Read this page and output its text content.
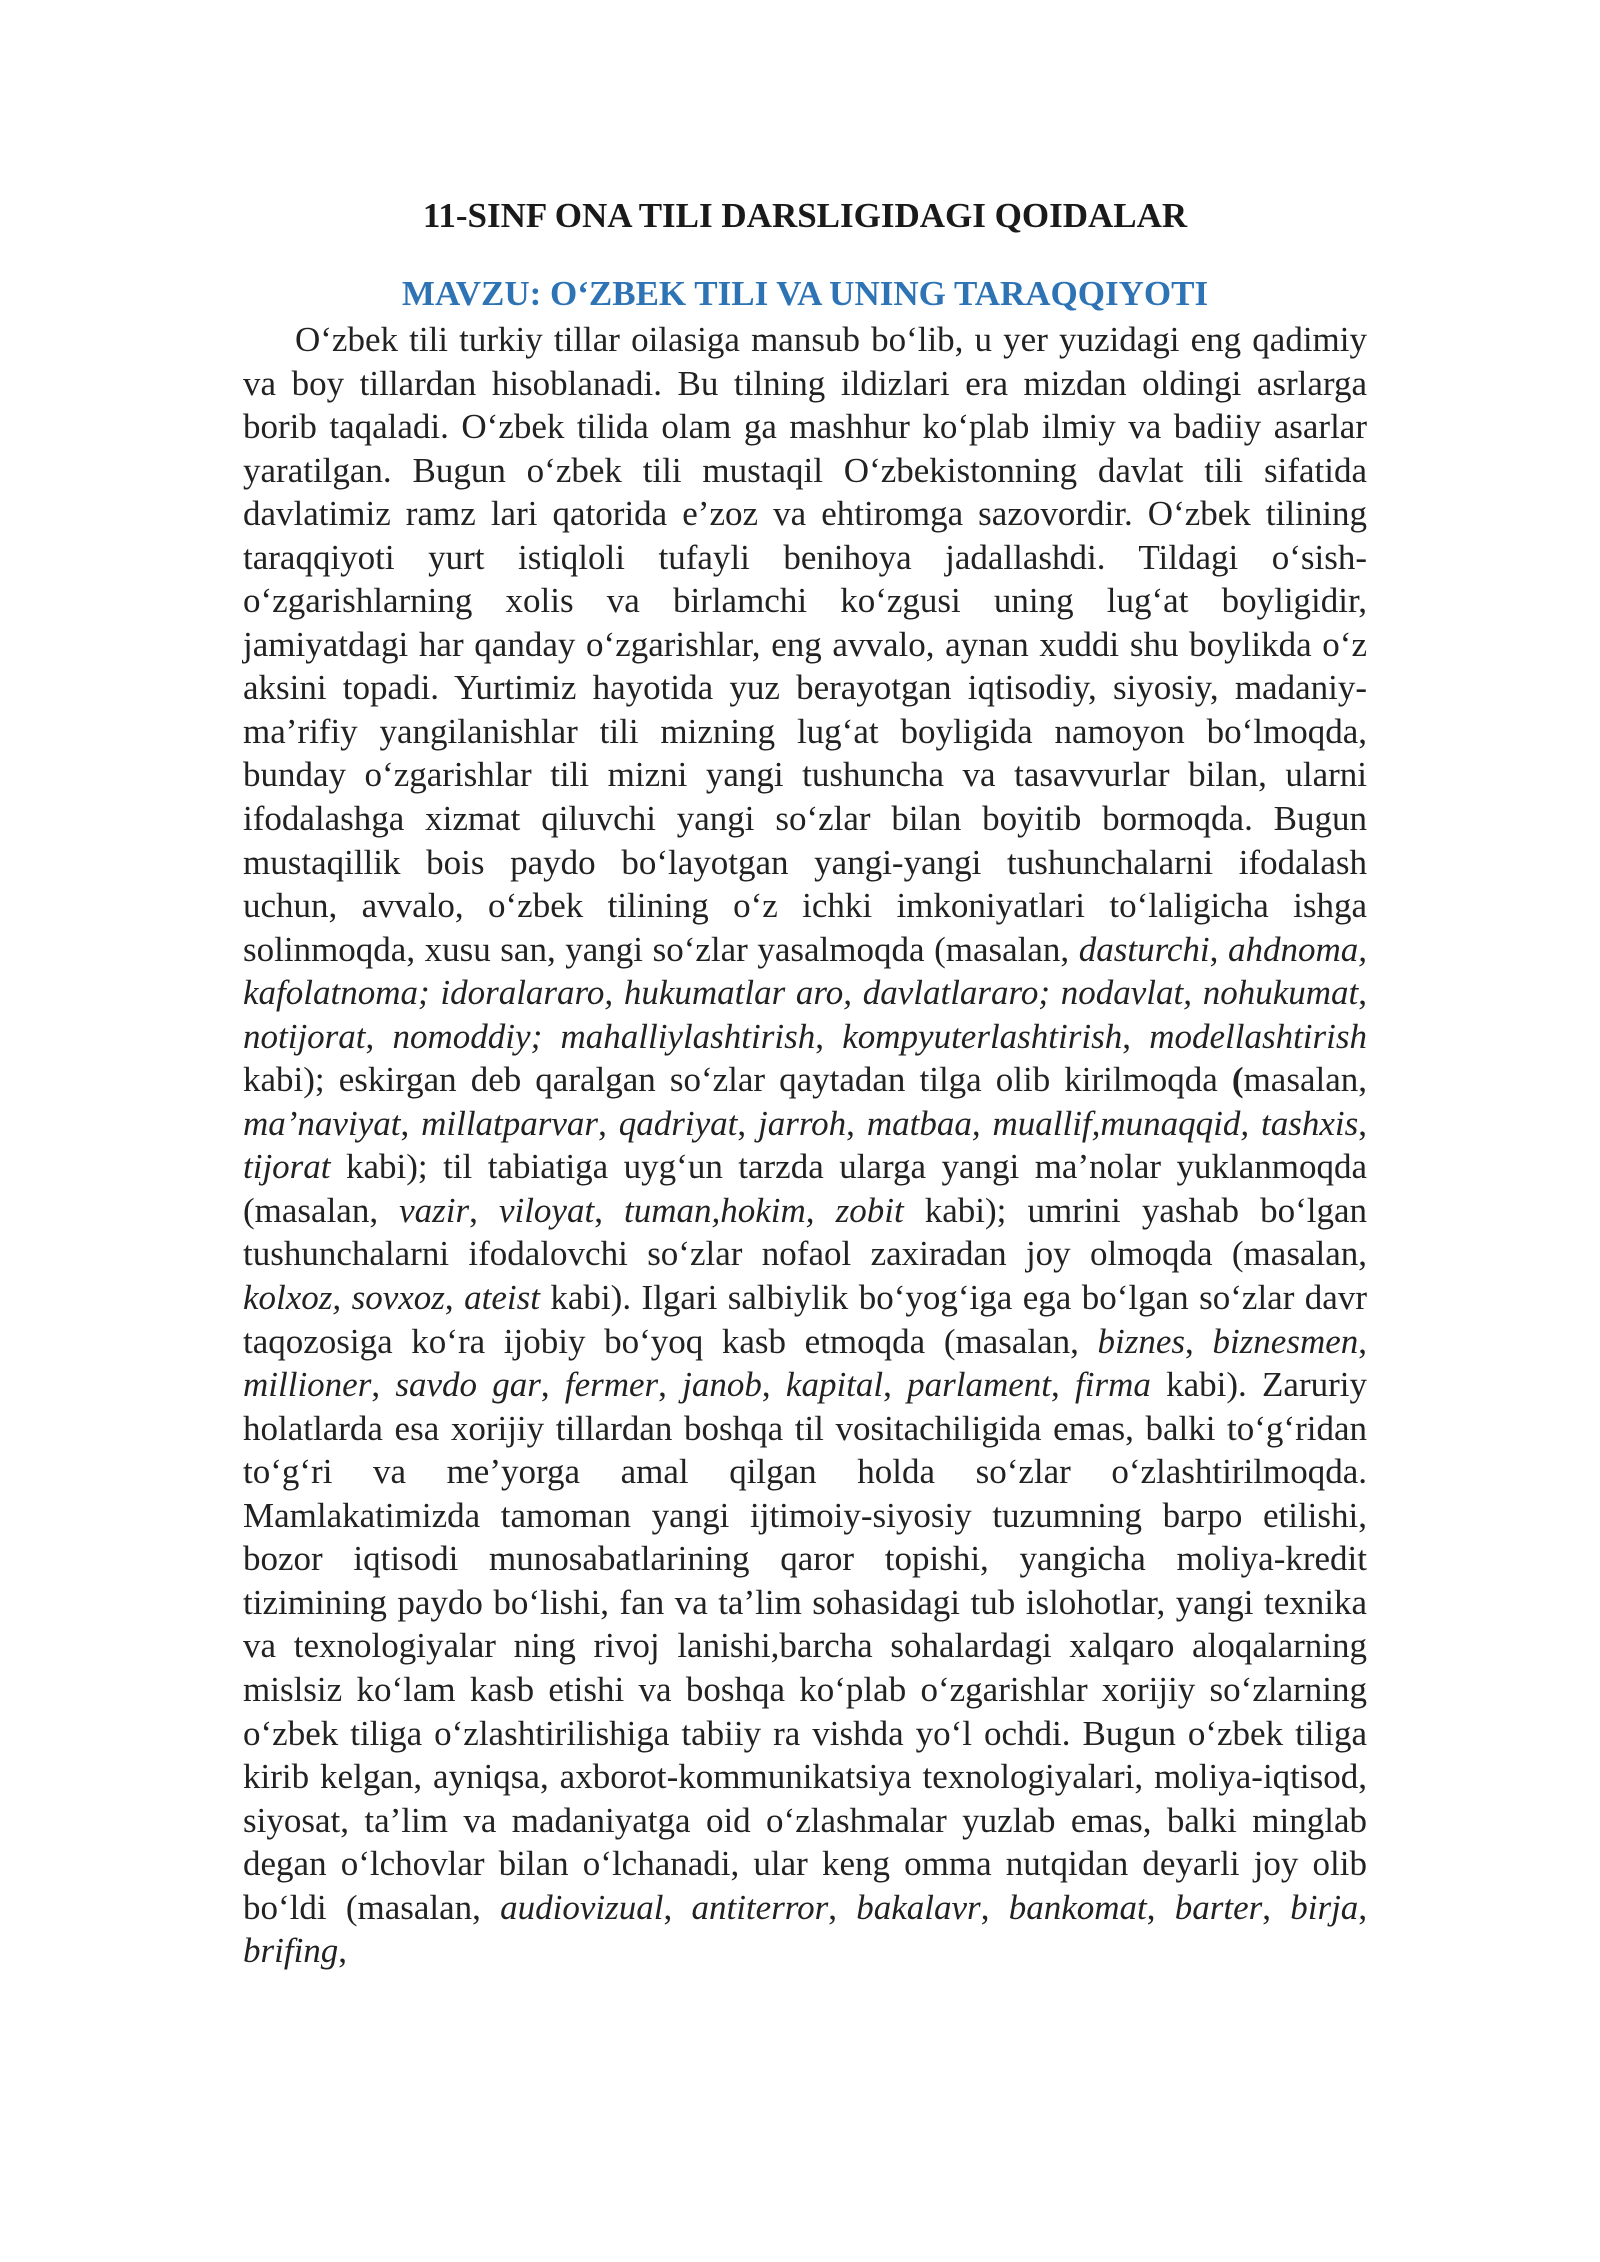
11-SINF ONA TILI DARSLIGIDAGI QOIDALAR
MAVZU: O‘ZBEK TILI VA UNING TARAQQIYOTI

O‘zbek tili turkiy tillar oilasiga mansub bo‘lib, u yer yuzidagi eng qadimiy va boy tillardan hisoblanadi. Bu tilning ildizlari era mizdan oldingi asrlarga borib taqaladi. O‘zbek tilida olam ga mashhur ko‘plab ilmiy va badiiy asarlar yaratilgan. Bugun o‘zbek tili mustaqil O‘zbekistonning davlat tili sifatida davlatimiz ramz lari qatorida e’zoz va ehtiromga sazovordir. O‘zbek tilining taraqqiyoti yurt istiqloli tufayli benihoya jadallashdi. Tildagi o‘sish-o‘zgarishlarning xolis va birlamchi ko‘zgusi uning lug‘at boyligidir, jamiyatdagi har qanday o‘zgarishlar, eng avvalo, aynan xuddi shu boylikda o‘z aksini topadi. Yurtimiz hayotida yuz berayotgan iqtisodiy, siyosiy, madaniy-ma’rifiy yangilanishlar tili mizning lug‘at boyligida namoyon bo‘lmoqda, bunday o‘zgarishlar tili mizni yangi tushuncha va tasavvurlar bilan, ularni ifodalashga xizmat qiluvchi yangi so‘zlar bilan boyitib bormoqda. Bugun mustaqillik bois paydo bo‘layotgan yangi-yangi tushunchalarni ifodalash uchun, avvalo, o‘zbek tilining o‘z ichki imkoniyatlari to‘laligicha ishga solinmoqda, xusu san, yangi so‘zlar yasalmoqda (masalan, dasturchi, ahdnoma, kafolatnoma; idoralararo, hukumatlar aro, davlatlararo; nodavlat, nohukumat, notijorat, nomoddiy; mahalliylashtirish, kompyuterlashtirish, modellashtirish kabi); eskirgan deb qaralgan so‘zlar qaytadan tilga olib kirilmoqda (masalan, ma’naviyat, millatparvar, qadriyat, jarroh, matbaa, muallif,munaqqid, tashxis, tijorat kabi); til tabiatiga uyg‘un tarzda ularga yangi ma’nolar yuklanmoqda (masalan, vazir, viloyat, tuman,hokim, zobit kabi); umrini yashab bo‘lgan tushunchalarni ifodalovchi so‘zlar nofaol zaxiradan joy olmoqda (masalan, kolxoz, sovxoz, ateist kabi). Ilgari salbiylik bo‘yog‘iga ega bo‘lgan so‘zlar davr taqozosiga ko‘ra ijobiy bo‘yoq kasb etmoqda (masalan, biznes, biznesmen, millioner, savdo gar, fermer, janob, kapital, parlament, firma kabi). Zaruriy holatlarda esa xorijiy tillardan boshqa til vositachiligida emas, balki to‘g‘ridan to‘g‘ri va me’yorga amal qilgan holda so‘zlar o‘zlashtirilmoqda. Mamlakatimizda tamoman yangi ijtimoiy-siyosiy tuzumning barpo etilishi, bozor iqtisodi munosabatlarining qaror topishi, yangicha moliya-kredit tizimining paydo bo‘lishi, fan va ta’lim sohasidagi tub islohotlar, yangi texnika va texnologiyalar ning rivoj lanishi,barcha sohalardagi xalqaro aloqalarning mislsiz ko‘lam kasb etishi va boshqa ko‘plab o‘zgarishlar xorijiy so‘zlarning o‘zbek tiliga o‘zlashtirilishiga tabiiy ra vishda yo‘l ochdi. Bugun o‘zbek tiliga kirib kelgan, ayniqsa, axborot-kommunikatsiya texnologiyalari, moliya-iqtisod, siyosat, ta’lim va madaniyatga oid o‘zlashmalar yuzlab emas, balki minglab degan o‘lchovlar bilan o‘lchanadi, ular keng omma nutqidan deyarli joy olib bo‘ldi (masalan, audiovizual, antiterror, bakalavr, bankomat, barter, birja, brifing,
